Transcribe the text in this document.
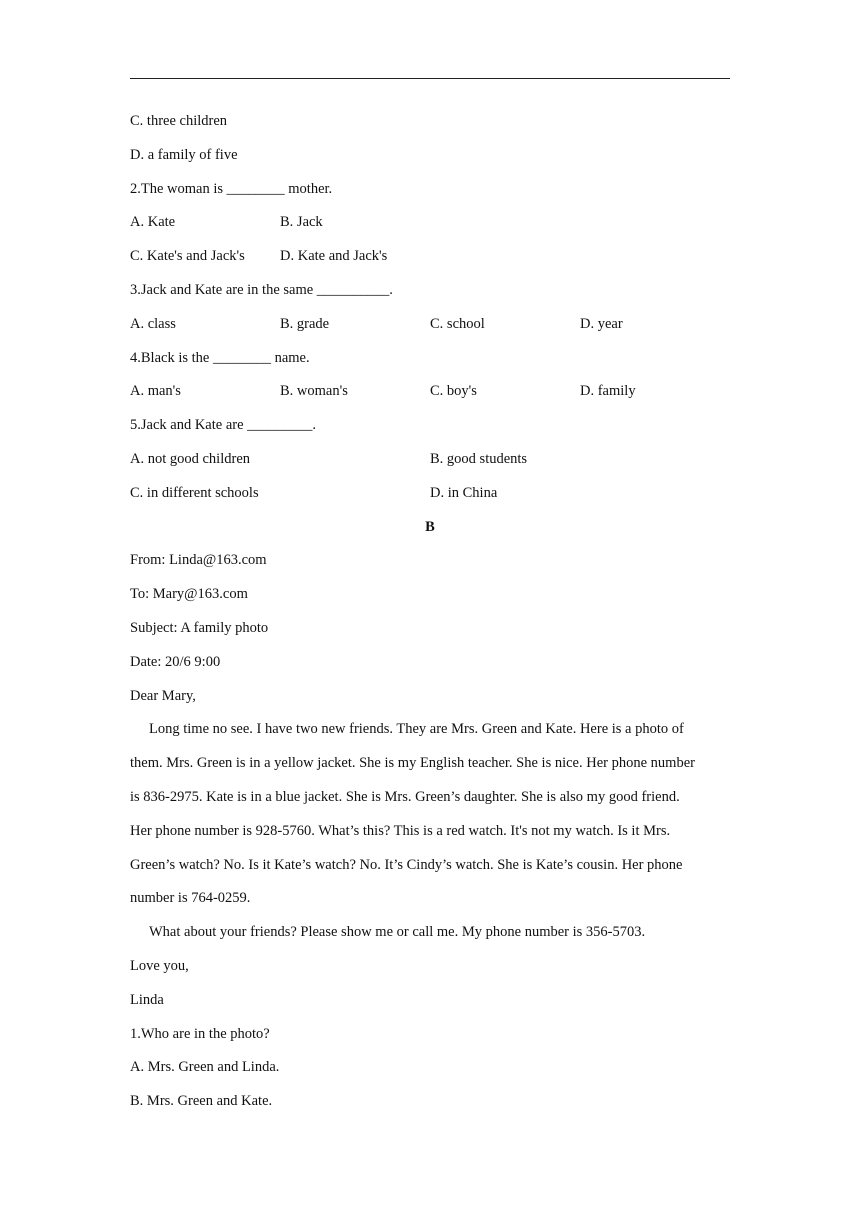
C. three children
D. a family of five
2.The woman is ________ mother.
A. Kate	B. Jack
C. Kate's and Jack's D. Kate and Jack's
3.Jack and Kate are in the same __________.
A. class	B. grade	C. school	D. year
4.Black is the ________ name.
A. man's	B. woman's	C. boy's	D. family
5.Jack and Kate are _________.
A. not good children	B. good students
C. in different schools	D. in China
B
From: Linda@163.com
To: Mary@163.com
Subject: A family photo
Date: 20/6 9:00
Dear Mary,
Long time no see. I have two new friends. They are Mrs. Green and Kate. Here is a photo of
them. Mrs. Green is in a yellow jacket. She is my English teacher. She is nice. Her phone number
is 836-2975. Kate is in a blue jacket. She is Mrs. Green’s daughter. She is also my good friend.
Her phone number is 928-5760. What’s this? This is a red watch. It's not my watch. Is it Mrs.
Green’s watch? No. Is it Kate’s watch? No. It’s Cindy’s watch. She is Kate’s cousin. Her phone
number is 764-0259.
What about your friends? Please show me or call me. My phone number is 356-5703.
Love you,
Linda
1.Who are in the photo?
A. Mrs. Green and Linda.
B. Mrs. Green and Kate.
